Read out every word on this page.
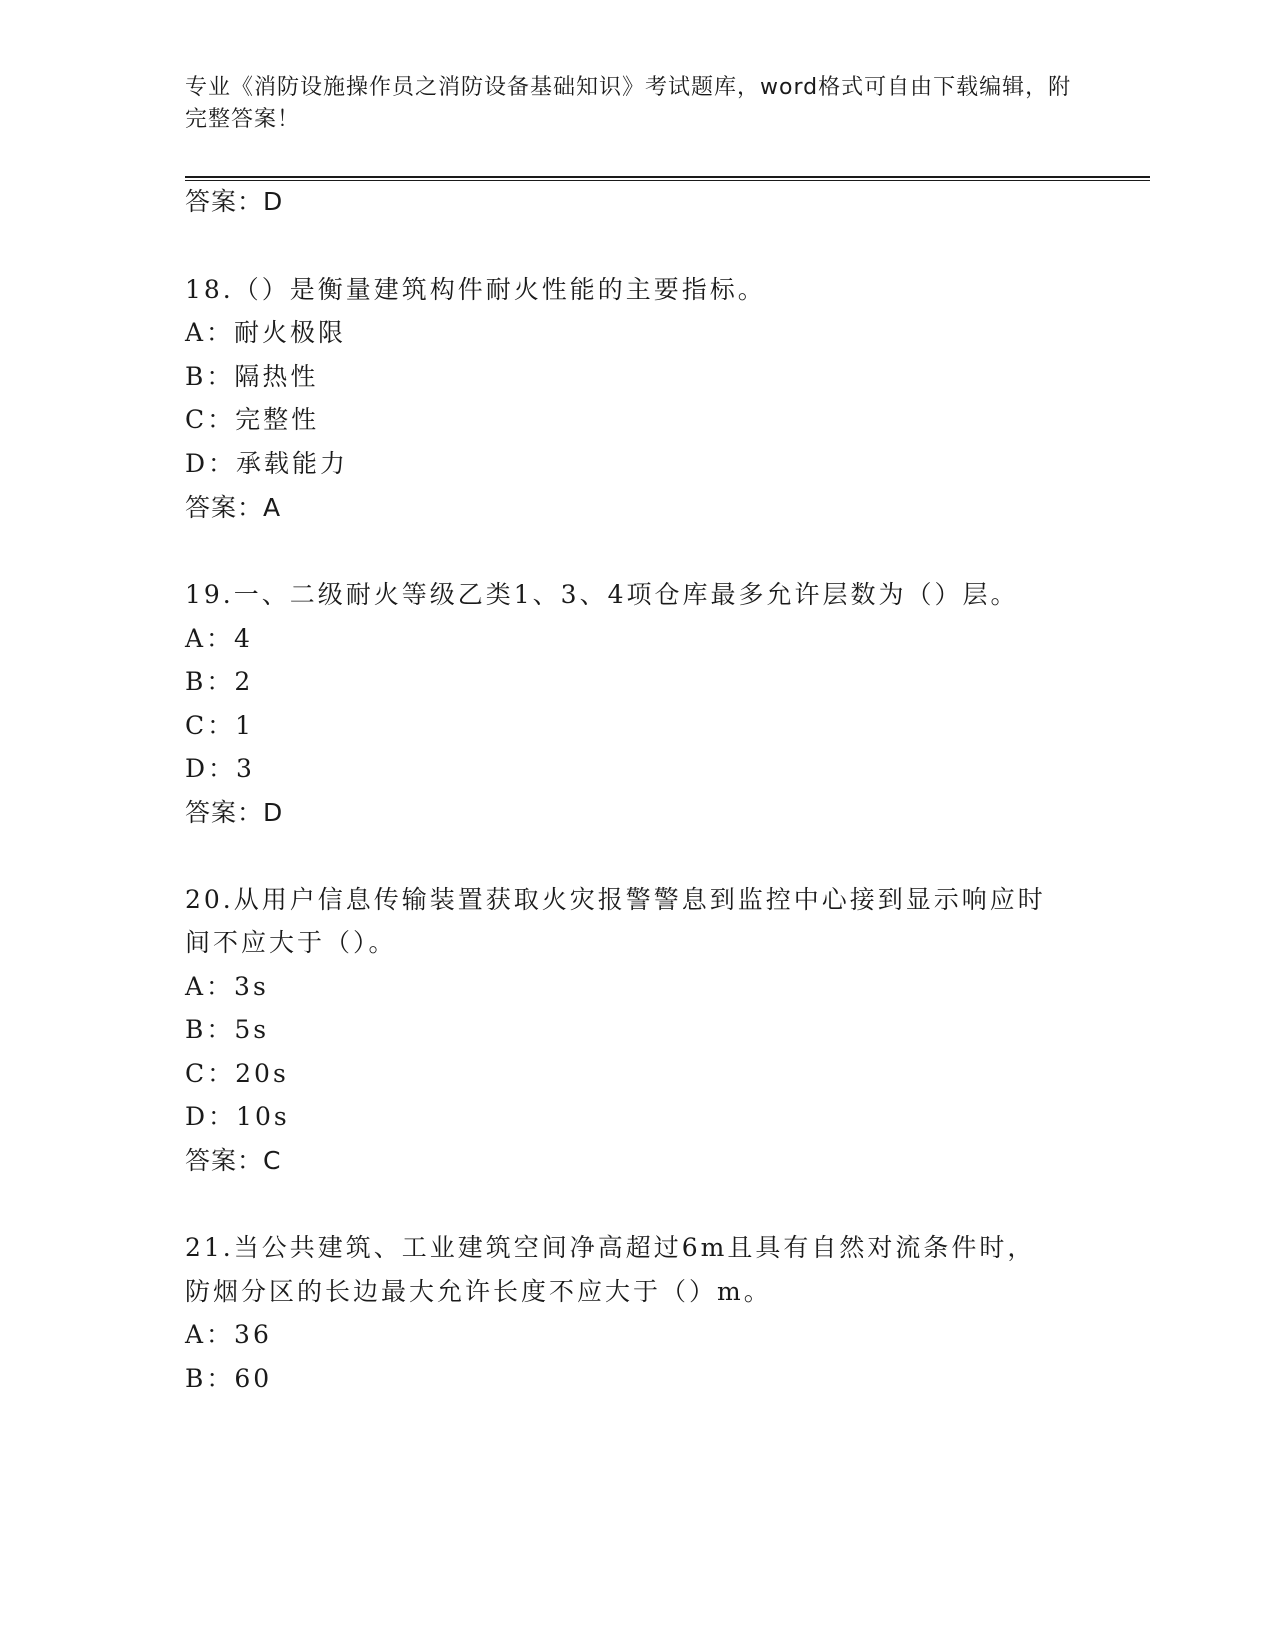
专业《消防设施操作员之消防设备基础知识》考试题库，word格式可自由下载编辑，附完整答案！
答案：D
18.（）是衡量建筑构件耐火性能的主要指标。
A：耐火极限
B：隔热性
C：完整性
D：承载能力
答案：A
19.一、二级耐火等级乙类1、3、4项仓库最多允许层数为（）层。
A：4
B：2
C：1
D：3
答案：D
20.从用户信息传输装置获取火灾报警警息到监控中心接到显示响应时
间不应大于（）。
A：3s
B：5s
C：20s
D：10s
答案：C
21.当公共建筑、工业建筑空间净高超过6m且具有自然对流条件时，
防烟分区的长边最大允许长度不应大于（）m。
A：36
B：60
